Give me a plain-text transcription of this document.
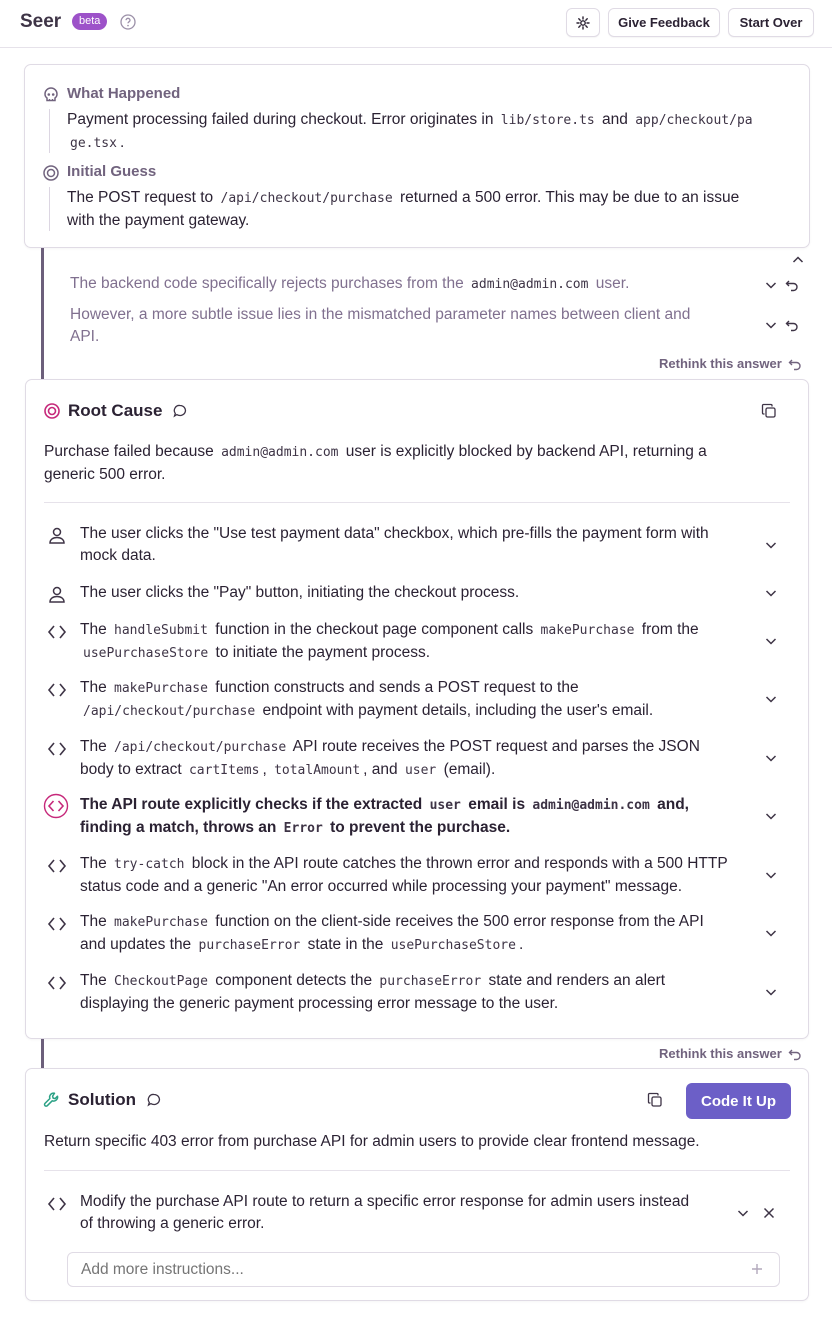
Seer	beta	Give Feedback	Start Over
What Happened
Payment processing failed during checkout. Error originates in lib/store.ts and app/checkout/pa
ge.tsx .
Initial Guess
The POST request to /api/checkout/purchase returned a 500 error. This may be due to an issue
with the payment gateway.
The backend code specifically rejects purchases from the admin@admin.com user.
However, a more subtle issue lies in the mismatched parameter names between client and
API.
Rethink this answer
Root Cause
Purchase failed because admin@admin.com user is explicitly blocked by backend API, returning a
generic 500 error.
The user clicks the "Use test payment data" checkbox, which pre-fills the payment form with
mock data.
The user clicks the "Pay" button, initiating the checkout process.
The handleSubmit function in the checkout page component calls makePurchase from the
usePurchaseStore to initiate the payment process.
The makePurchase function constructs and sends a POST request to the
/api/checkout/purchase endpoint with payment details, including the user's email.
The /api/checkout/purchase API route receives the POST request and parses the JSON
body to extract cartItems , totalAmount , and user (email).
The API route explicitly checks if the extracted user email is admin@admin.com and,
finding a match, throws an Error to prevent the purchase.
The try-catch block in the API route catches the thrown error and responds with a 500 HTTP
status code and a generic "An error occurred while processing your payment" message.
The makePurchase function on the client-side receives the 500 error response from the API
and updates the purchaseError state in the usePurchaseStore .
The CheckoutPage component detects the purchaseError state and renders an alert
displaying the generic payment processing error message to the user.
Rethink this answer
Solution	Code It Up
Return specific 403 error from purchase API for admin users to provide clear frontend message.
Modify the purchase API route to return a specific error response for admin users instead
of throwing a generic error.
Add more instructions...
